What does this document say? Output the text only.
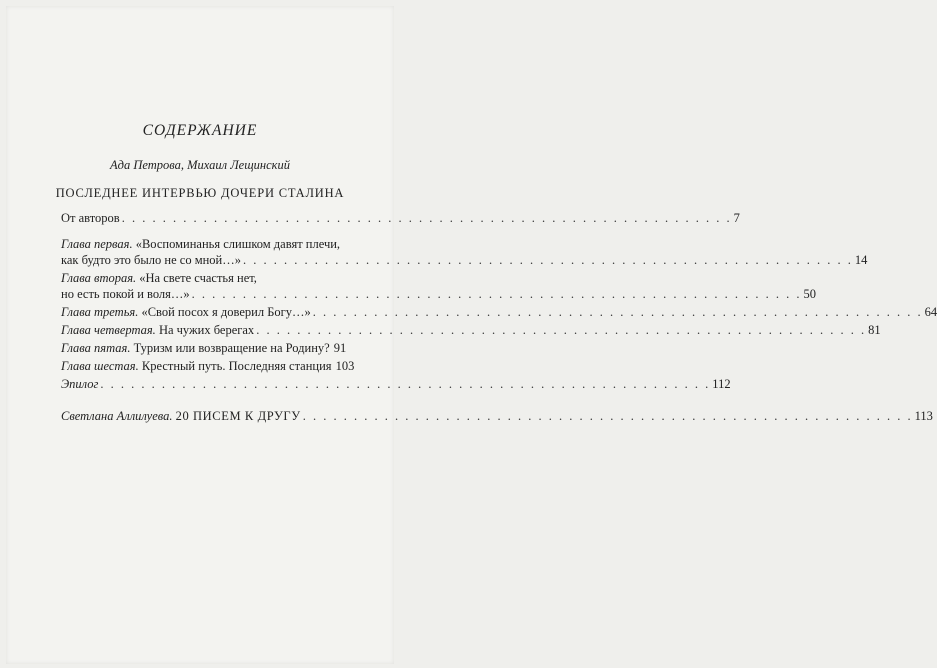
СОДЕРЖАНИЕ
Ада Петрова, Михаил Лещинский
ПОСЛЕДНЕЕ ИНТЕРВЬЮ ДОЧЕРИ СТАЛИНА
От авторов . . .	7
Глава первая. «Воспоминанья слишком давят плечи,
как будто это было не со мной…» . . .	14
Глава вторая. «На свете счастья нет,
но есть покой и воля…» . . .	50
Глава третья. «Свой посох я доверил Богу…» . . .	64
Глава четвертая. На чужих берегах . . .	81
Глава пятая. Туризм или возвращение на Родину? 91
Глава шестая. Крестный путь. Последняя станция 103
Эпилог . . .	112
Светлана Аллилуева. 20 ПИСЕМ К ДРУГУ . . .	113
